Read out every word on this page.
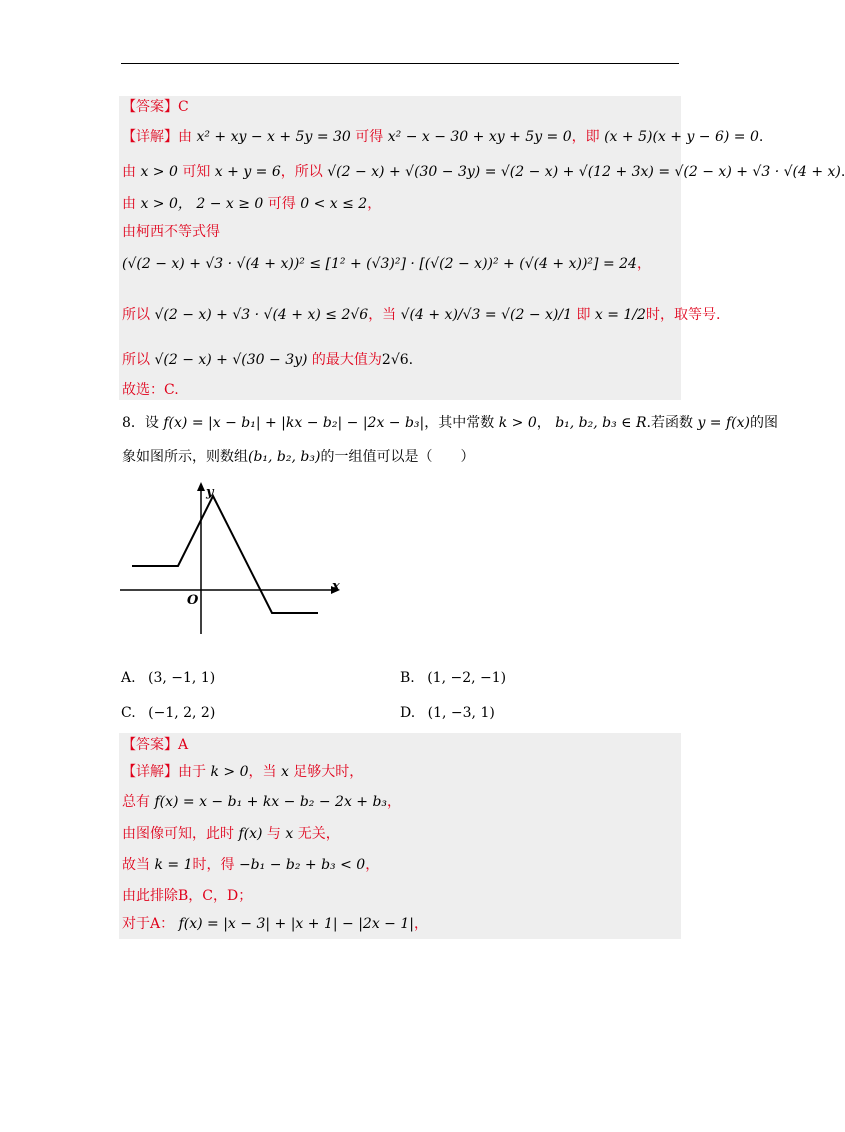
【答案】C
【详解】由 x² + xy − x + 5y = 30 可得 x² − x − 30 + xy + 5y = 0，即 (x + 5)(x + y − 6) = 0.
由 x > 0 可知 x + y = 6，所以 √(2 − x) + √(30 − 3y) = √(2 − x) + √(12 + 3x) = √(2 − x) + √3 · √(4 + x).
由 x > 0， 2 − x ≥ 0 可得 0 < x ≤ 2，
由柯西不等式得
(√(2 − x) + √3 · √(4 + x))² ≤ [1² + (√3)²] · [(√(2 − x))² + (√(4 + x))²] = 24，
所以 √(2 − x) + √3 · √(4 + x) ≤ 2√6，当 √(4 + x)/√3 = √(2 − x)/1 即 x = 1/2时，取等号.
所以 √(2 − x) + √(30 − 3y) 的最大值为2√6.
故选：C.
8．设 f(x) = |x − b₁| + |kx − b₂| − |2x − b₃|，其中常数 k > 0， b₁, b₂, b₃ ∈ R.若函数 y = f(x)的图
象如图所示，则数组(b₁, b₂, b₃)的一组值可以是（　　）
y
x
O
A. (3, −1, 1)	B. (1, −2, −1)
C. (−1, 2, 2)	D. (1, −3, 1)
【答案】A
【详解】由于 k > 0，当 x 足够大时，
总有 f(x) = x − b₁ + kx − b₂ − 2x + b₃，
由图像可知，此时 f(x) 与 x 无关，
故当 k = 1时，得 −b₁ − b₂ + b₃ < 0，
由此排除B，C，D；
对于A： f(x) = |x − 3| + |x + 1| − |2x − 1|，
